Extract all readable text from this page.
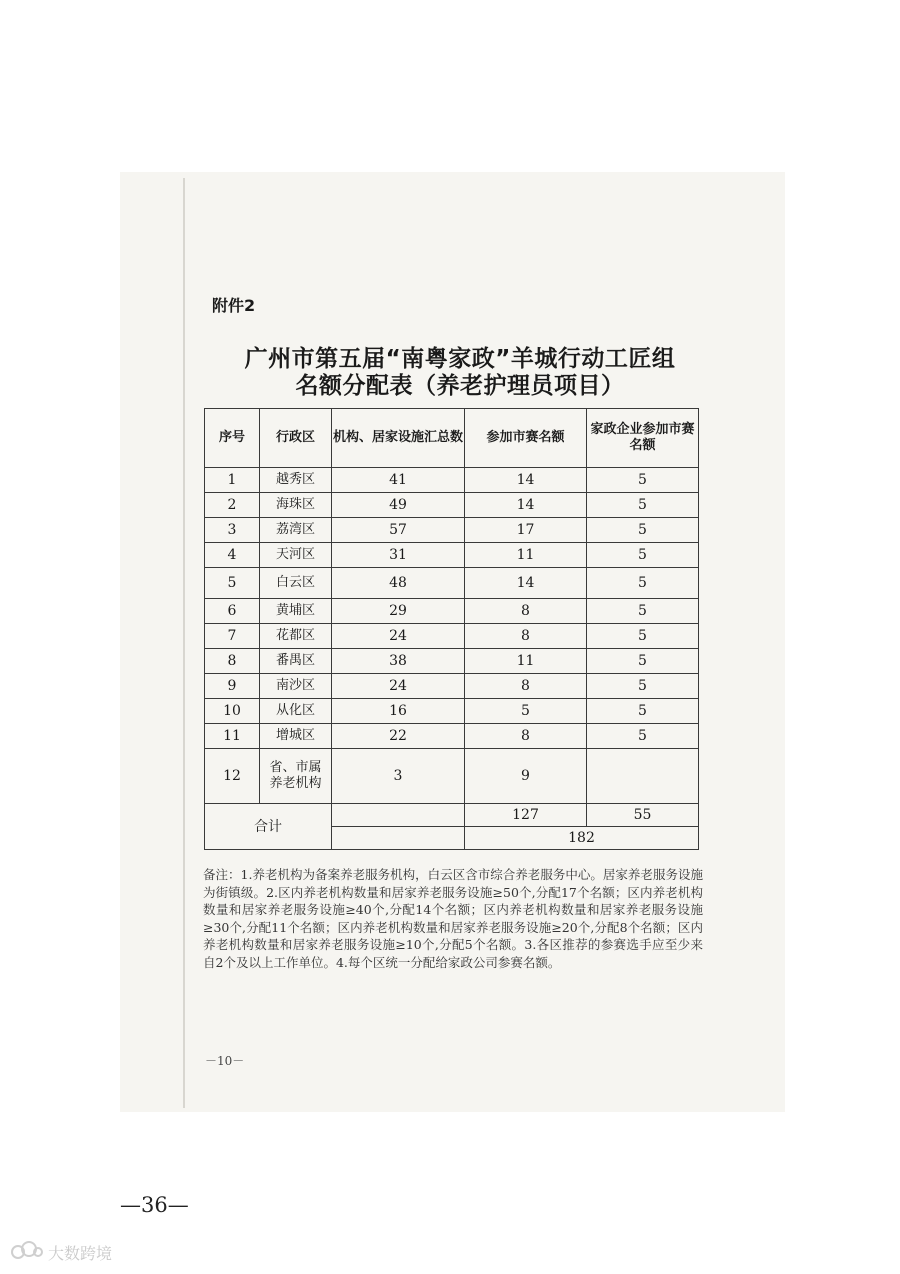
附件2
广州市第五届“南粤家政”羊城行动工匠组
名额分配表（养老护理员项目）
序号	行政区	机构、居家设施汇总数	参加市赛名额	家政企业参加市赛名额
1	越秀区	41	14	5
2	海珠区	49	14	5
3	荔湾区	57	17	5
4	天河区	31	11	5
5	白云区	48	14	5
6	黄埔区	29	8	5
7	花都区	24	8	5
8	番禺区	38	11	5
9	南沙区	24	8	5
10	从化区	16	5	5
11	增城区	22	8	5
12	省、市属养老机构	3	9	
合计			127	55
			182	
备注：1.养老机构为备案养老服务机构，白云区含市综合养老服务中心。居家养老服务设施为街镇级。2.区内养老机构数量和居家养老服务设施≥50个,分配17个名额；区内养老机构数量和居家养老服务设施≥40个,分配14个名额；区内养老机构数量和居家养老服务设施≥30个,分配11个名额；区内养老机构数量和居家养老服务设施≥20个,分配8个名额；区内养老机构数量和居家养老服务设施≥10个,分配5个名额。3.各区推荐的参赛选手应至少来自2个及以上工作单位。4.每个区统一分配给家政公司参赛名额。
－10－
—36—
大数跨境
